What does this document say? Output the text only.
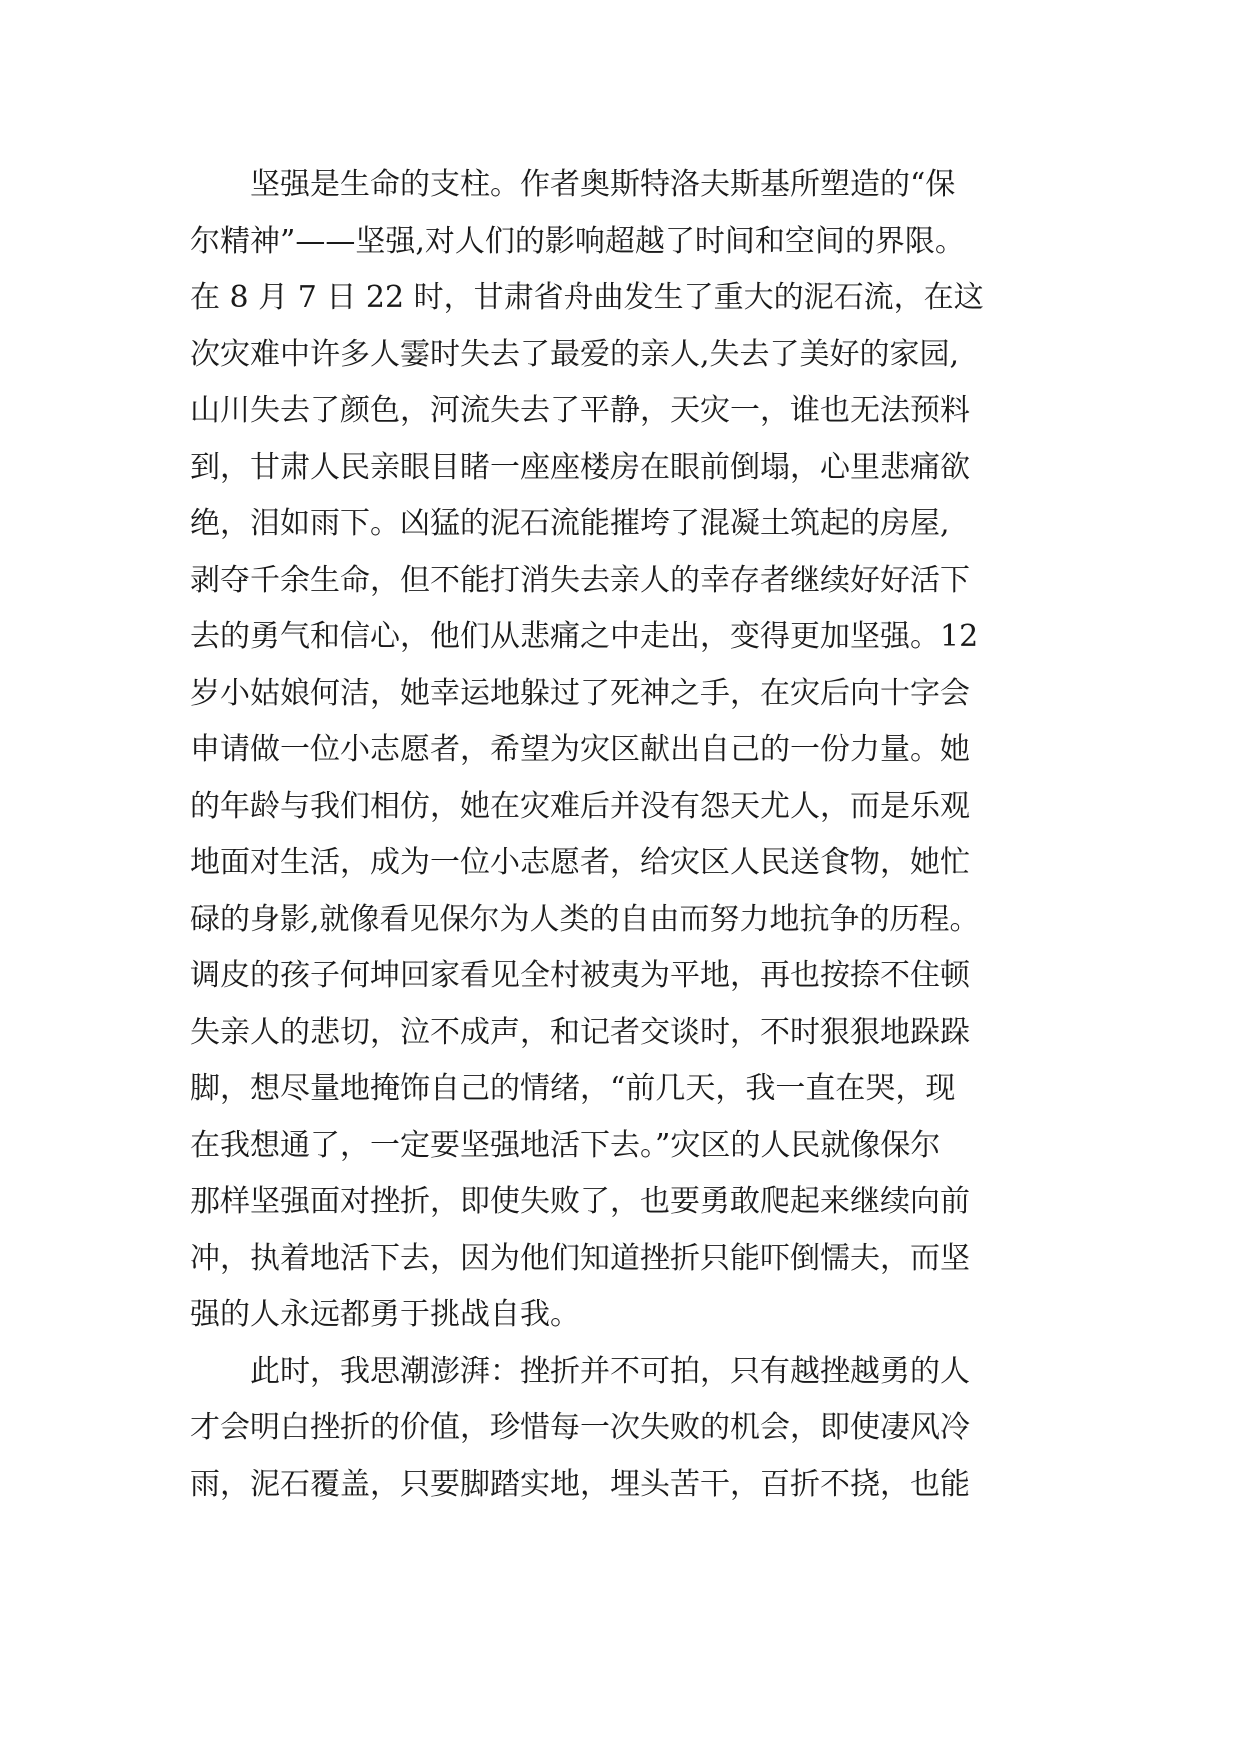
坚强是生命的支柱。作者奥斯特洛夫斯基所塑造的“保
尔精神”——坚强,对人们的影响超越了时间和空间的界限。
在 8 月 7 日 22 时，甘肃省舟曲发生了重大的泥石流，在这
次灾难中许多人霎时失去了最爱的亲人,失去了美好的家园,
山川失去了颜色，河流失去了平静，天灾一，谁也无法预料
到，甘肃人民亲眼目睹一座座楼房在眼前倒塌，心里悲痛欲
绝，泪如雨下。凶猛的泥石流能摧垮了混凝土筑起的房屋,
剥夺千余生命，但不能打消失去亲人的幸存者继续好好活下
去的勇气和信心，他们从悲痛之中走出，变得更加坚强。12
岁小姑娘何洁，她幸运地躲过了死神之手，在灾后向十字会
申请做一位小志愿者，希望为灾区献出自己的一份力量。她
的年龄与我们相仿，她在灾难后并没有怨天尤人，而是乐观
地面对生活，成为一位小志愿者，给灾区人民送食物，她忙
碌的身影,就像看见保尔为人类的自由而努力地抗争的历程。
调皮的孩子何坤回家看见全村被夷为平地，再也按捺不住顿
失亲人的悲切，泣不成声，和记者交谈时，不时狠狠地跺跺
脚，想尽量地掩饰自己的情绪，“前几天，我一直在哭，现
在我想通了，一定要坚强地活下去。”灾区的人民就像保尔
那样坚强面对挫折，即使失败了，也要勇敢爬起来继续向前
冲，执着地活下去，因为他们知道挫折只能吓倒懦夫，而坚
强的人永远都勇于挑战自我。
此时，我思潮澎湃：挫折并不可拍，只有越挫越勇的人
才会明白挫折的价值，珍惜每一次失败的机会，即使凄风冷
雨，泥石覆盖，只要脚踏实地，埋头苦干，百折不挠，也能
